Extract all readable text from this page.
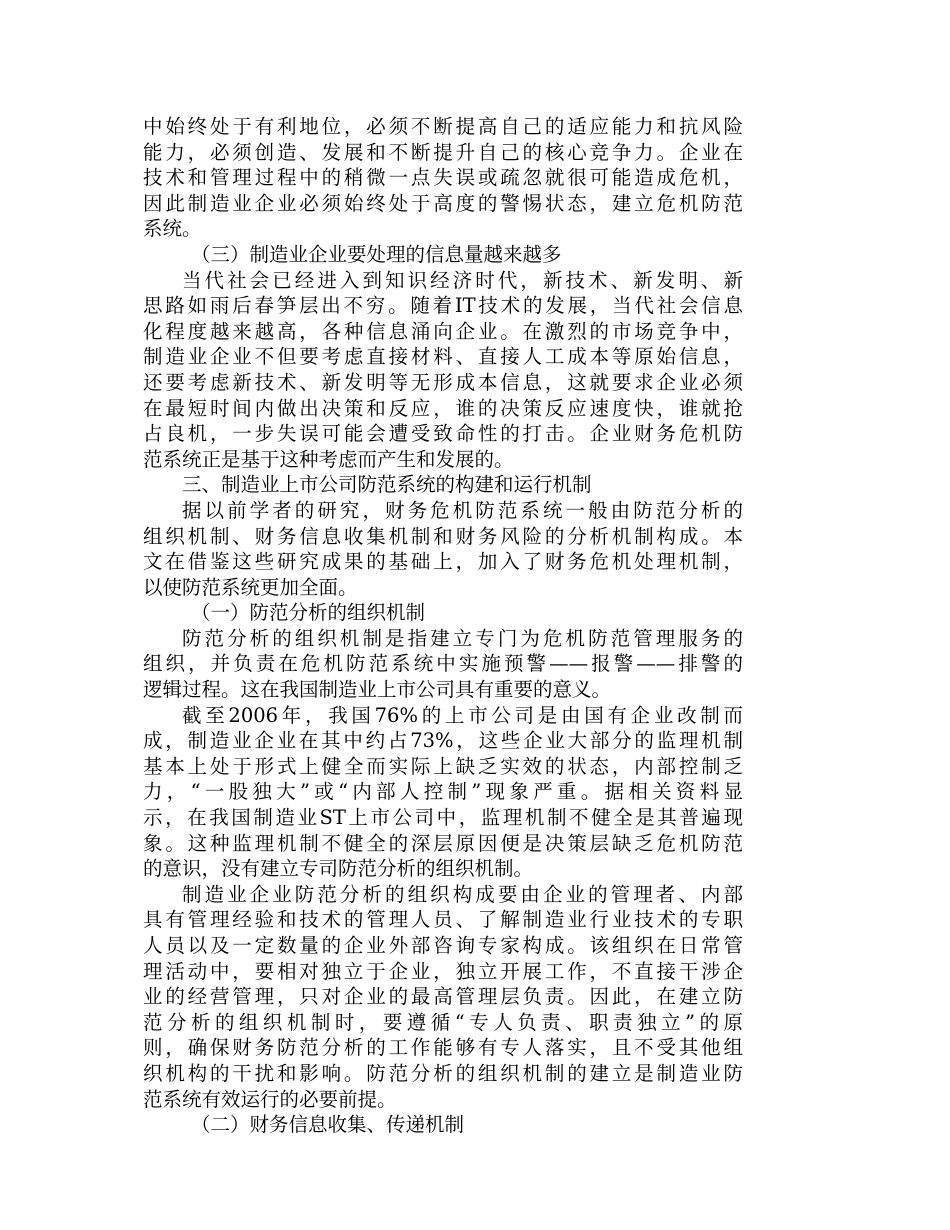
中始终处于有利地位，必须不断提高自己的适应能力和抗风险
能力，必须创造、发展和不断提升自己的核心竞争力。企业在
技术和管理过程中的稍微一点失误或疏忽就很可能造成危机，
因此制造业企业必须始终处于高度的警惕状态，建立危机防范
系统。
（三）制造业企业要处理的信息量越来越多
当代社会已经进入到知识经济时代，新技术、新发明、新
思路如雨后春笋层出不穷。随着IT技术的发展，当代社会信息
化程度越来越高，各种信息涌向企业。在激烈的市场竞争中，
制造业企业不但要考虑直接材料、直接人工成本等原始信息，
还要考虑新技术、新发明等无形成本信息，这就要求企业必须
在最短时间内做出决策和反应，谁的决策反应速度快，谁就抢
占良机，一步失误可能会遭受致命性的打击。企业财务危机防
范系统正是基于这种考虑而产生和发展的。
三、制造业上市公司防范系统的构建和运行机制
据以前学者的研究，财务危机防范系统一般由防范分析的
组织机制、财务信息收集机制和财务风险的分析机制构成。本
文在借鉴这些研究成果的基础上，加入了财务危机处理机制，
以使防范系统更加全面。
（一）防范分析的组织机制
防范分析的组织机制是指建立专门为危机防范管理服务的
组织，并负责在危机防范系统中实施预警——报警——排警的
逻辑过程。这在我国制造业上市公司具有重要的意义。
截至2006年，我国76%的上市公司是由国有企业改制而
成，制造业企业在其中约占73%，这些企业大部分的监理机制
基本上处于形式上健全而实际上缺乏实效的状态，内部控制乏
力，“一股独大”或“内部人控制”现象严重。据相关资料显
示，在我国制造业ST上市公司中，监理机制不健全是其普遍现
象。这种监理机制不健全的深层原因便是决策层缺乏危机防范
的意识，没有建立专司防范分析的组织机制。
制造业企业防范分析的组织构成要由企业的管理者、内部
具有管理经验和技术的管理人员、了解制造业行业技术的专职
人员以及一定数量的企业外部咨询专家构成。该组织在日常管
理活动中，要相对独立于企业，独立开展工作，不直接干涉企
业的经营管理，只对企业的最高管理层负责。因此，在建立防
范分析的组织机制时，要遵循“专人负责、职责独立”的原
则，确保财务防范分析的工作能够有专人落实，且不受其他组
织机构的干扰和影响。防范分析的组织机制的建立是制造业防
范系统有效运行的必要前提。
（二）财务信息收集、传递机制
